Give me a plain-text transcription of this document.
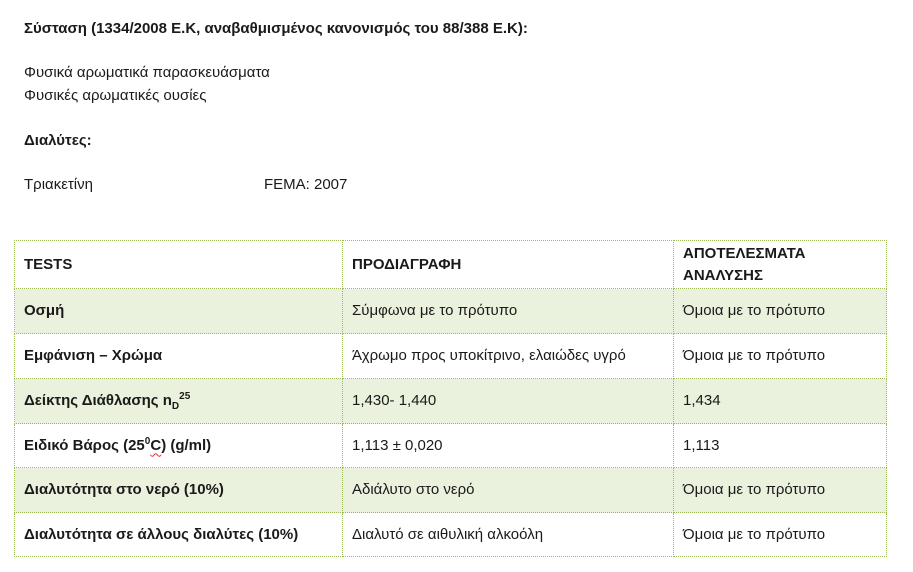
Σύσταση (1334/2008 E.K, αναβαθμισμένος κανονισμός του 88/388 E.K):
Φυσικά αρωματικά παρασκευάσματα
Φυσικές αρωματικές ουσίες
Διαλύτες:
Τριακετίνη	FEMA: 2007
TESTS	ΠΡΟΔΙΑΓΡΑΦΗ	ΑΠΟΤΕΛΕΣΜΑΤΑ ΑΝΑΛΥΣΗΣ
Οσμή	Σύμφωνα με το πρότυπο	Όμοια με το πρότυπο
Εμφάνιση – Χρώμα	Άχρωμο προς υποκίτρινο, ελαιώδες υγρό	Όμοια με το πρότυπο
Δείκτης Διάθλασης $n_D^{25}$	1,430- 1,440	1,434
Ειδικό Βάρος $(25^0C)$ (g/ml)	1,113 ± 0,020	1,113
Διαλυτότητα στο νερό (10%)	Αδιάλυτο στο νερό	Όμοια με το πρότυπο
Διαλυτότητα σε άλλους διαλύτες (10%)	Διαλυτό σε αιθυλική αλκοόλη	Όμοια με το πρότυπο
